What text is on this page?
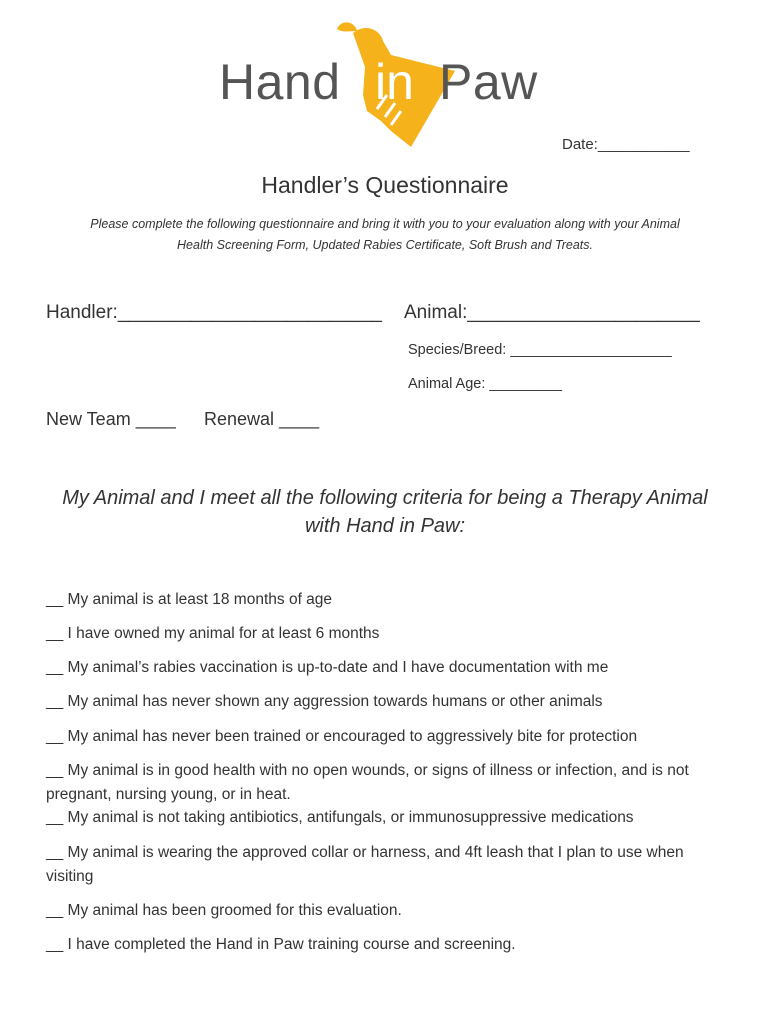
Hand in Paw
Date:___________
Handler’s Questionnaire
Please complete the following questionnaire and bring it with you to your evaluation along with your Animal
Health Screening Form, Updated Rabies Certificate, Soft Brush and Treats.
Handler:_________________________ Animal:______________________
Species/Breed: ____________________
Animal Age: _________
New Team ____ Renewal ____
My Animal and I meet all the following criteria for being a Therapy Animal
with Hand in Paw:
__ My animal is at least 18 months of age
__ I have owned my animal for at least 6 months
__ My animal’s rabies vaccination is up-to-date and I have documentation with me
__ My animal has never shown any aggression towards humans or other animals
__ My animal has never been trained or encouraged to aggressively bite for protection
__ My animal is in good health with no open wounds, or signs of illness or infection, and is not
pregnant, nursing young, or in heat.
__ My animal is not taking antibiotics, antifungals, or immunosuppressive medications
__ My animal is wearing the approved collar or harness, and 4ft leash that I plan to use when
visiting
__ My animal has been groomed for this evaluation.
__ I have completed the Hand in Paw training course and screening.
